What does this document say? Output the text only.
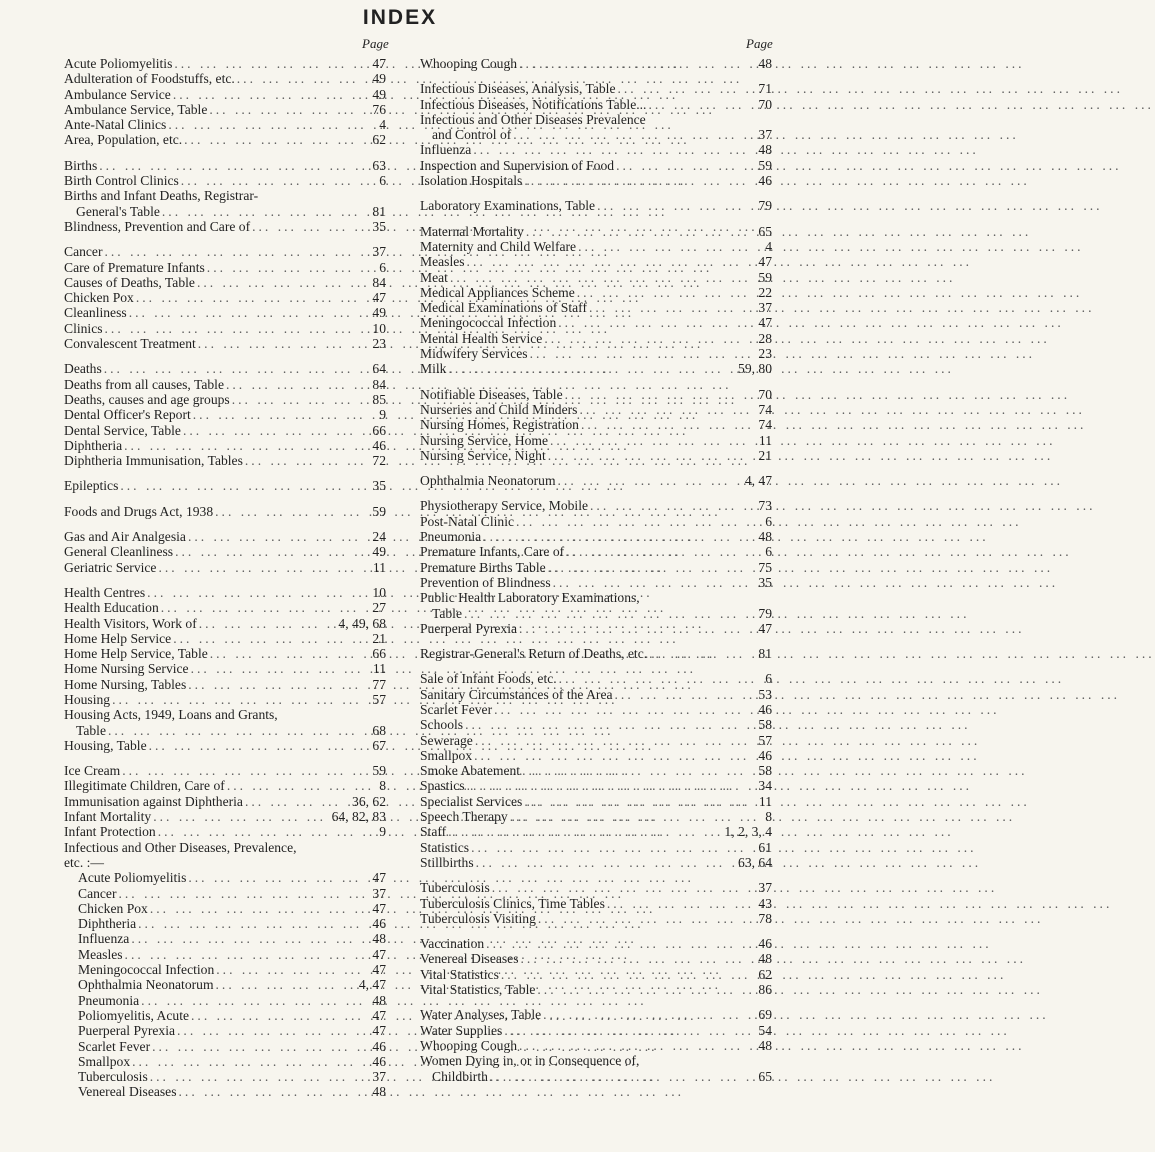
INDEX
Page	Page
Acute Poliomyelitis ... .	47
Adulteration of Foodstuffs, etc. ... .	49
Ambulance Service ... .	49
Ambulance Service, Table ... .	76
Ante-Natal Clinics ... .	4
Area, Population, etc. ... .	62
Births ... .	63
Birth Control Clinics ... .	6
Births and Infant Deaths, Registrar-
General's Table ... .	81
Blindness, Prevention and Care of ... .	35
Cancer ... .	37
Care of Premature Infants ... .	6
Causes of Deaths, Table ... .	84
Chicken Pox ... .	47
Cleanliness ... .	49
Clinics ... .	10
Convalescent Treatment ... .	23
Deaths ... .	64
Deaths from all causes, Table ... .	84
Deaths, causes and age groups ... .	85
Dental Officer's Report ... .	9
Dental Service, Table ... .	66
Diphtheria ... .	46
Diphtheria Immunisation, Tables ... .	72
Epileptics ... .	35
Foods and Drugs Act, 1938 ... .	59
Gas and Air Analgesia ... .	24
General Cleanliness ... .	49
Geriatric Service ... .	11
Health Centres ... .	10
Health Education ... .	27
Health Visitors, Work of ... .	4, 49, 68
Home Help Service ... .	21
Home Help Service, Table ... .	66
Home Nursing Service ... .	11
Home Nursing, Tables ... .	77
Housing ... .	57
Housing Acts, 1949, Loans and Grants,
Table ... .	68
Housing, Table ... .	67
Ice Cream ... .	59
Illegitimate Children, Care of ... .	8
Immunisation against Diphtheria ... .	36, 62
Infant Mortality ... .	64, 82, 83
Infant Protection ... .	9
Infectious and Other Diseases, Prevalence,
etc. :—
Acute Poliomyelitis ... .	47
Cancer ... .	37
Chicken Pox ... .	47
Diphtheria ... .	46
Influenza ... .	48
Measles ... .	47
Meningococcal Infection ... .	47
Ophthalmia Neonatorum ... .	4, 47
Pneumonia ... .	48
Poliomyelitis, Acute ... .	47
Puerperal Pyrexia ... .	47
Scarlet Fever ... .	46
Smallpox ... .	46
Tuberculosis ... .	37
Venereal Diseases ... .	48
Whooping Cough ... .	48
Infectious Diseases, Analysis, Table ... .	71
Infectious Diseases, Notifications Table... ... .	70
Infectious and Other Diseases Prevalence
and Control of ... .	37
Influenza ... .	48
Inspection and Supervision of Food ... .	59
Isolation Hospitals ... .	46
Laboratory Examinations, Table ... .	79
Maternal Mortality ... .	65
Maternity and Child Welfare ... .	4
Measles ... .	47
Meat ... .	59
Medical Appliances Scheme ... .	22
Medical Examinations of Staff ... .	37
Meningococcal Infection ... .	47
Mental Health Service ... .	28
Midwifery Services ... .	23
Milk ... .	59, 80
Notifiable Diseases, Table ... .	70
Nurseries and Child Minders ... .	74
Nursing Homes, Registration ... .	74
Nursing Service, Home ... .	11
Nursing Service, Night ... .	21
Ophthalmia Neonatorum ... .	4, 47
Physiotherapy Service, Mobile ... .	73
Post-Natal Clinic ... .	6
Pneumonia ... .	48
Premature Infants, Care of ... .	6
Premature Births Table ... .	75
Prevention of Blindness ... .	35
Public Health Laboratory Examinations,
Table ... .	79
Puerperal Pyrexia ... .	47
Registrar-General's Return of Deaths, etc. ... .	81
Sale of Infant Foods, etc. ... .	6
Sanitary Circumstances of the Area ... .	53
Scarlet Fever ... .	46
Schools ... .	58
Sewerage ... .	57
Smallpox ... .	46
Smoke Abatement ... .	58
Spastics ... .	34
Specialist Services ... .	11
Speech Therapy ... .	8
Staff ... .	1, 2, 3, 4
Statistics ... .	61
Stillbirths ... .	63, 64
Tuberculosis ... .	37
Tuberculosis Clinics, Time Tables ... .	43
Tuberculosis Visiting ... .	78
Vaccination ... .	46
Venereal Diseases ... .	48
Vital Statistics ... .	62
Vital Statistics, Table ... .	86
Water Analyses, Table ... .	69
Water Supplies ... .	54
Whooping Cough ... .	48
Women Dying in, or in Consequence of,
Childbirth ... .	65
